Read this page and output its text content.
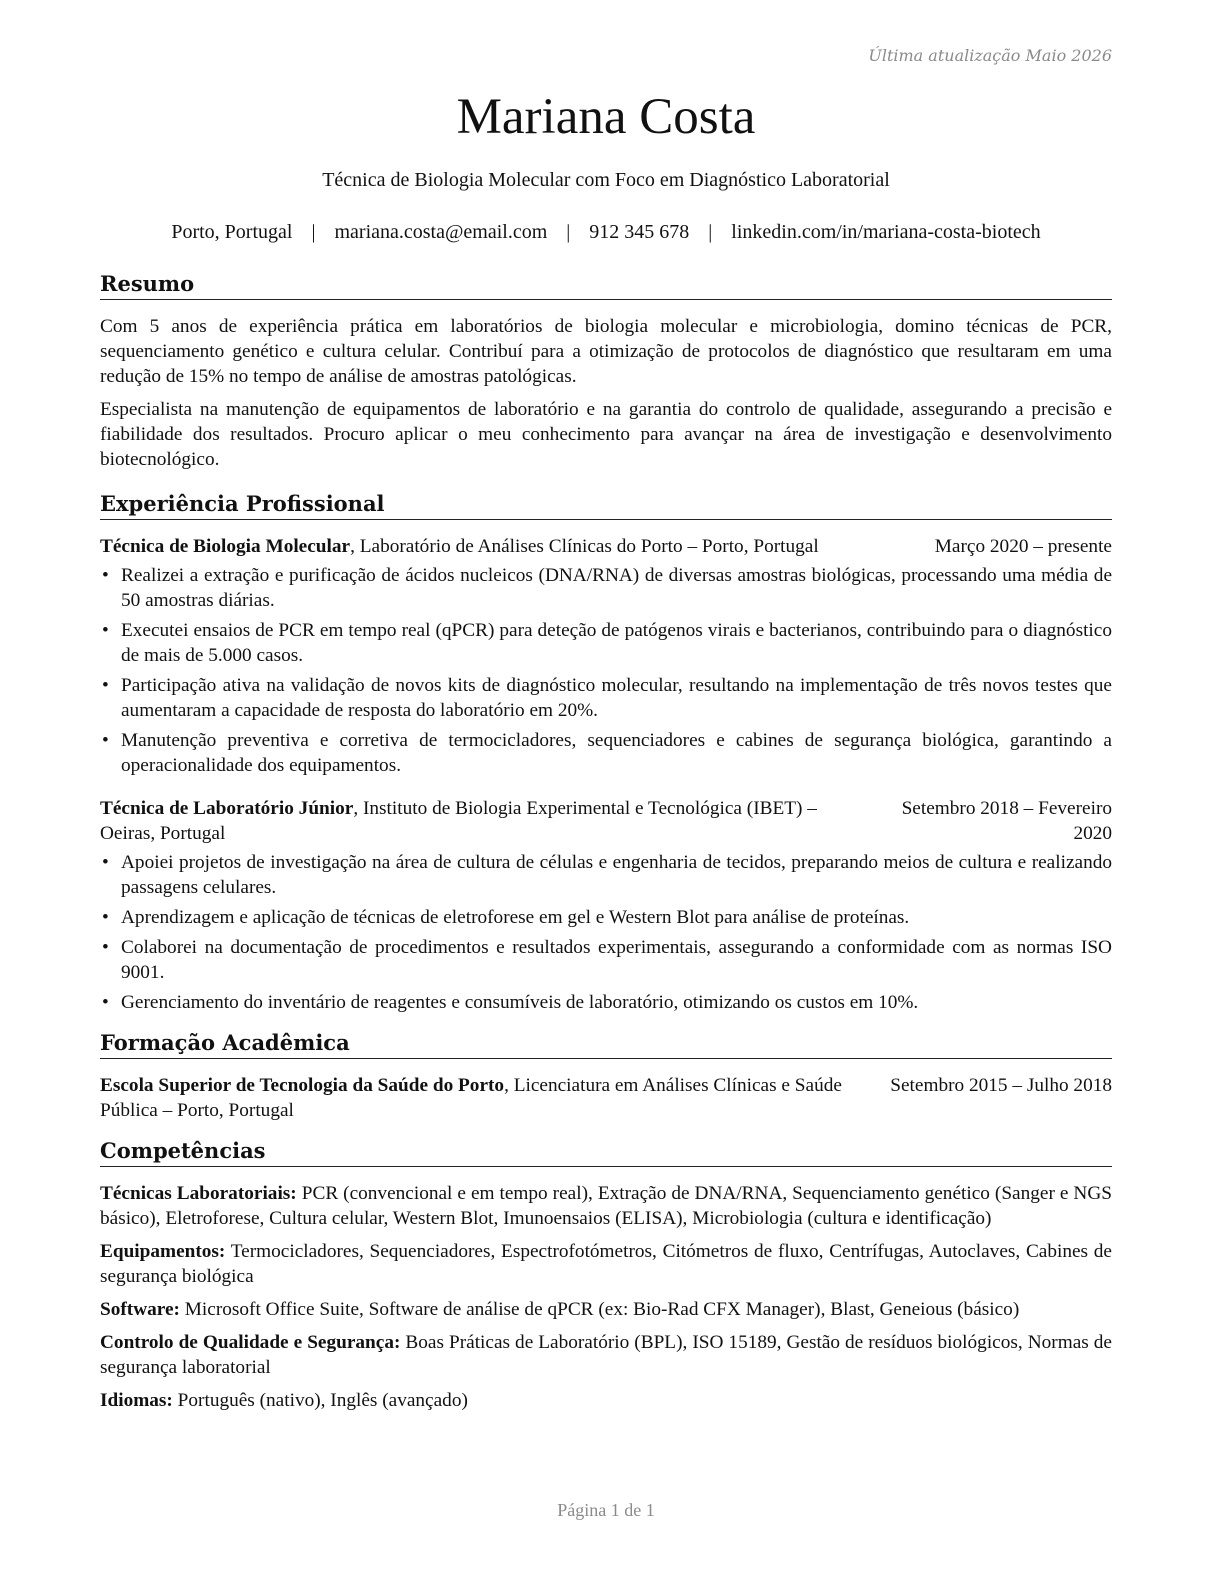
Última atualização Maio 2026
Mariana Costa
Técnica de Biologia Molecular com Foco em Diagnóstico Laboratorial
Porto, Portugal | mariana.costa@email.com | 912 345 678 | linkedin.com/in/mariana-costa-biotech
Resumo

Com 5 anos de experiência prática em laboratórios de biologia molecular e microbiologia, domino técnicas de PCR, sequenciamento genético e cultura celular. Contribuí para a otimização de protocolos de diagnóstico que resultaram em uma redução de 15% no tempo de análise de amostras patológicas.

Especialista na manutenção de equipamentos de laboratório e na garantia do controlo de qualidade, assegurando a precisão e fiabilidade dos resultados. Procuro aplicar o meu conhecimento para avançar na área de investigação e desenvolvimento biotecnológico.

Experiência Profissional
Técnica de Biologia Molecular, Laboratório de Análises Clínicas do Porto – Porto, Portugal	Março 2020 – presente
• Realizei a extração e purificação de ácidos nucleicos (DNA/RNA) de diversas amostras biológicas, processando uma média de 50 amostras diárias.
• Executei ensaios de PCR em tempo real (qPCR) para deteção de patógenos virais e bacterianos, contribuindo para o diagnóstico de mais de 5.000 casos.
• Participação ativa na validação de novos kits de diagnóstico molecular, resultando na implementação de três novos testes que aumentaram a capacidade de resposta do laboratório em 20%.
• Manutenção preventiva e corretiva de termocicladores, sequenciadores e cabines de segurança biológica, garantindo a operacionalidade dos equipamentos.
Técnica de Laboratório Júnior, Instituto de Biologia Experimental e Tecnológica (IBET) – Oeiras, Portugal
Setembro 2018 – Fevereiro 2020
• Apoiei projetos de investigação na área de cultura de células e engenharia de tecidos, preparando meios de cultura e realizando passagens celulares.
• Aprendizagem e aplicação de técnicas de eletroforese em gel e Western Blot para análise de proteínas.
• Colaborei na documentação de procedimentos e resultados experimentais, assegurando a conformidade com as normas ISO 9001.
• Gerenciamento do inventário de reagentes e consumíveis de laboratório, otimizando os custos em 10%.
Formação Acadêmica
Escola Superior de Tecnologia da Saúde do Porto, Licenciatura em Análises Clínicas e Saúde Pública – Porto, Portugal
Setembro 2015 – Julho 2018
Competências
Técnicas Laboratoriais: PCR (convencional e em tempo real), Extração de DNA/RNA, Sequenciamento genético (Sanger e NGS básico), Eletroforese, Cultura celular, Western Blot, Imunoensaios (ELISA), Microbiologia (cultura e identificação)
Equipamentos: Termocicladores, Sequenciadores, Espectrofotómetros, Citómetros de fluxo, Centrífugas, Autoclaves, Cabines de segurança biológica
Software: Microsoft Office Suite, Software de análise de qPCR (ex: Bio-Rad CFX Manager), Blast, Geneious (básico)
Controlo de Qualidade e Segurança: Boas Práticas de Laboratório (BPL), ISO 15189, Gestão de resíduos biológicos, Normas de segurança laboratorial
Idiomas: Português (nativo), Inglês (avançado)
Página 1 de 1
